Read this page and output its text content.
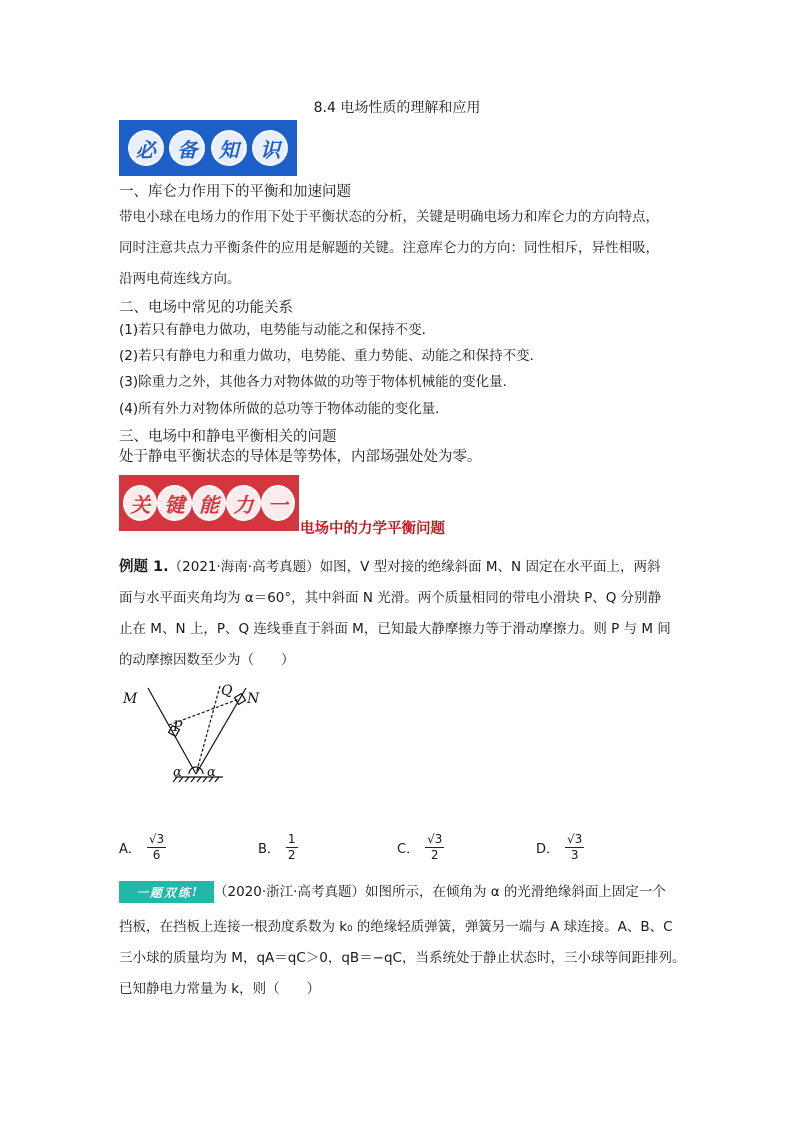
8.4 电场性质的理解和应用
必	备	知	识
一、库仑力作用下的平衡和加速问题
带电小球在电场力的作用下处于平衡状态的分析，关键是明确电场力和库仑力的方向特点，
同时注意共点力平衡条件的应用是解题的关键。注意库仑力的方向：同性相斥，异性相吸，
沿两电荷连线方向。
二、电场中常见的功能关系
(1)若只有静电力做功，电势能与动能之和保持不变．
(2)若只有静电力和重力做功，电势能、重力势能、动能之和保持不变．
(3)除重力之外，其他各力对物体做的功等于物体机械能的变化量．
(4)所有外力对物体所做的总功等于物体动能的变化量．
三、电场中和静电平衡相关的问题
处于静电平衡状态的导体是等势体，内部场强处处为零。
关 键 能 力 一
电场中的力学平衡问题
例题 1.（2021·海南·高考真题）如图，V 型对接的绝缘斜面 M、N 固定在水平面上，两斜
面与水平面夹角均为 α＝60°，其中斜面 N 光滑。两个质量相同的带电小滑块 P、Q 分别静
止在 M、N 上，P、Q 连线垂直于斜面 M，已知最大静摩擦力等于滑动摩擦力。则 P 与 M 间
的动摩擦因数至少为（　　）
M	N
P
Q
α α
A． $\frac{√3}{6}$	B． $\frac{1}{2}$	C． $\frac{√3}{2}$	D． $\frac{√3}{3}$
一 题 双 练 ! （2020·浙江·高考真题）如图所示，在倾角为 α 的光滑绝缘斜面上固定一个
挡板，在挡板上连接一根劲度系数为 k₀ 的绝缘轻质弹簧，弹簧另一端与 A 球连接。A、B、C
三小球的质量均为 M，qA＝qC＞0，qB＝−qC，当系统处于静止状态时，三小球等间距排列。
已知静电力常量为 k，则（　　）
